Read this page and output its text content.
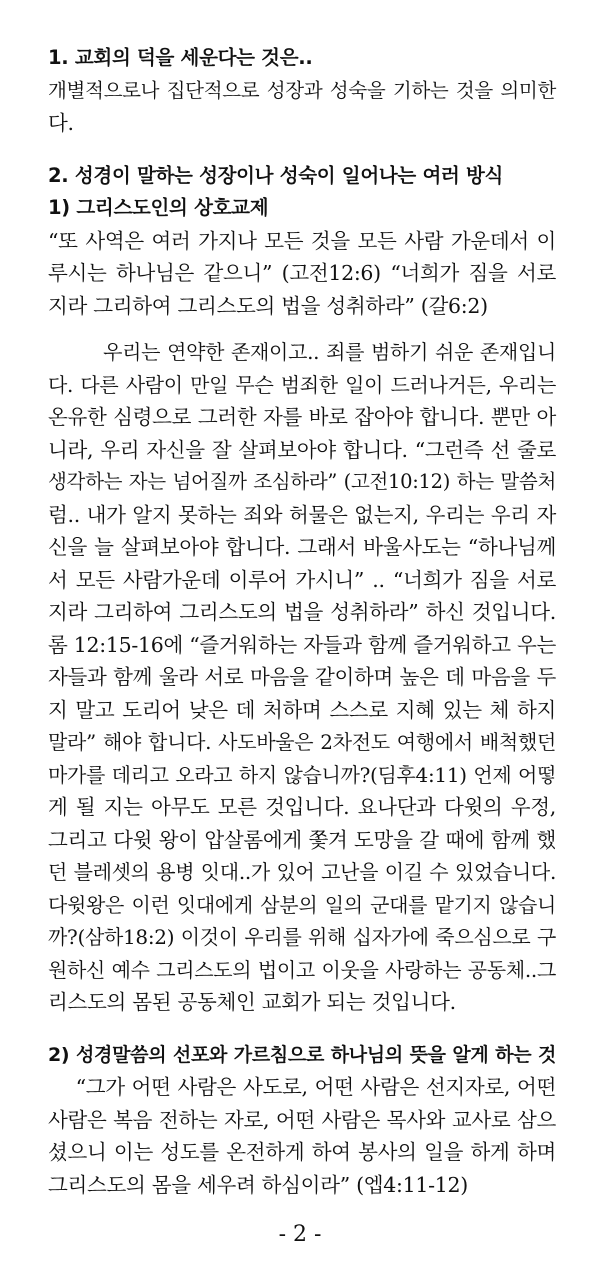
1. 교회의 덕을 세운다는 것은..
개별적으로나 집단적으로 성장과 성숙을 기하는 것을 의미한
다.
2. 성경이 말하는 성장이나 성숙이 일어나는 여러 방식
1) 그리스도인의 상호교제
“또 사역은 여러 가지나 모든 것을 모든 사람 가운데서 이
루시는 하나님은 같으니” (고전12:6) “너희가 짐을 서로
지라 그리하여 그리스도의 법을 성취하라” (갈6:2)
우리는 연약한 존재이고.. 죄를 범하기 쉬운 존재입니
다. 다른 사람이 만일 무슨 범죄한 일이 드러나거든, 우리는
온유한 심령으로 그러한 자를 바로 잡아야 합니다. 뿐만 아
니라, 우리 자신을 잘 살펴보아야 합니다. “그런즉 선 줄로
생각하는 자는 넘어질까 조심하라” (고전10:12) 하는 말씀처
럼.. 내가 알지 못하는 죄와 허물은 없는지, 우리는 우리 자
신을 늘 살펴보아야 합니다. 그래서 바울사도는 “하나님께
서 모든 사람가운데 이루어 가시니” .. “너희가 짐을 서로
지라 그리하여 그리스도의 법을 성취하라” 하신 것입니다.
롬 12:15-16에 “즐거워하는 자들과 함께 즐거워하고 우는
자들과 함께 울라 서로 마음을 같이하며 높은 데 마음을 두
지 말고 도리어 낮은 데 처하며 스스로 지혜 있는 체 하지
말라” 해야 합니다. 사도바울은 2차전도 여행에서 배척했던
마가를 데리고 오라고 하지 않습니까?(딤후4:11) 언제 어떻
게 될 지는 아무도 모른 것입니다. 요나단과 다윗의 우정,
그리고 다윗 왕이 압살롬에게 쫓겨 도망을 갈 때에 함께 했
던 블레셋의 용병 잇대..가 있어 고난을 이길 수 있었습니다.
다윗왕은 이런 잇대에게 삼분의 일의 군대를 맡기지 않습니
까?(삼하18:2) 이것이 우리를 위해 십자가에 죽으심으로 구
원하신 예수 그리스도의 법이고 이웃을 사랑하는 공동체..그
리스도의 몸된 공동체인 교회가 되는 것입니다.
2) 성경말씀의 선포와 가르침으로 하나님의 뜻을 알게 하는 것
“그가 어떤 사람은 사도로, 어떤 사람은 선지자로, 어떤
사람은 복음 전하는 자로, 어떤 사람은 목사와 교사로 삼으
셨으니 이는 성도를 온전하게 하여 봉사의 일을 하게 하며
그리스도의 몸을 세우려 하심이라” (엡4:11-12)
- 2 -
